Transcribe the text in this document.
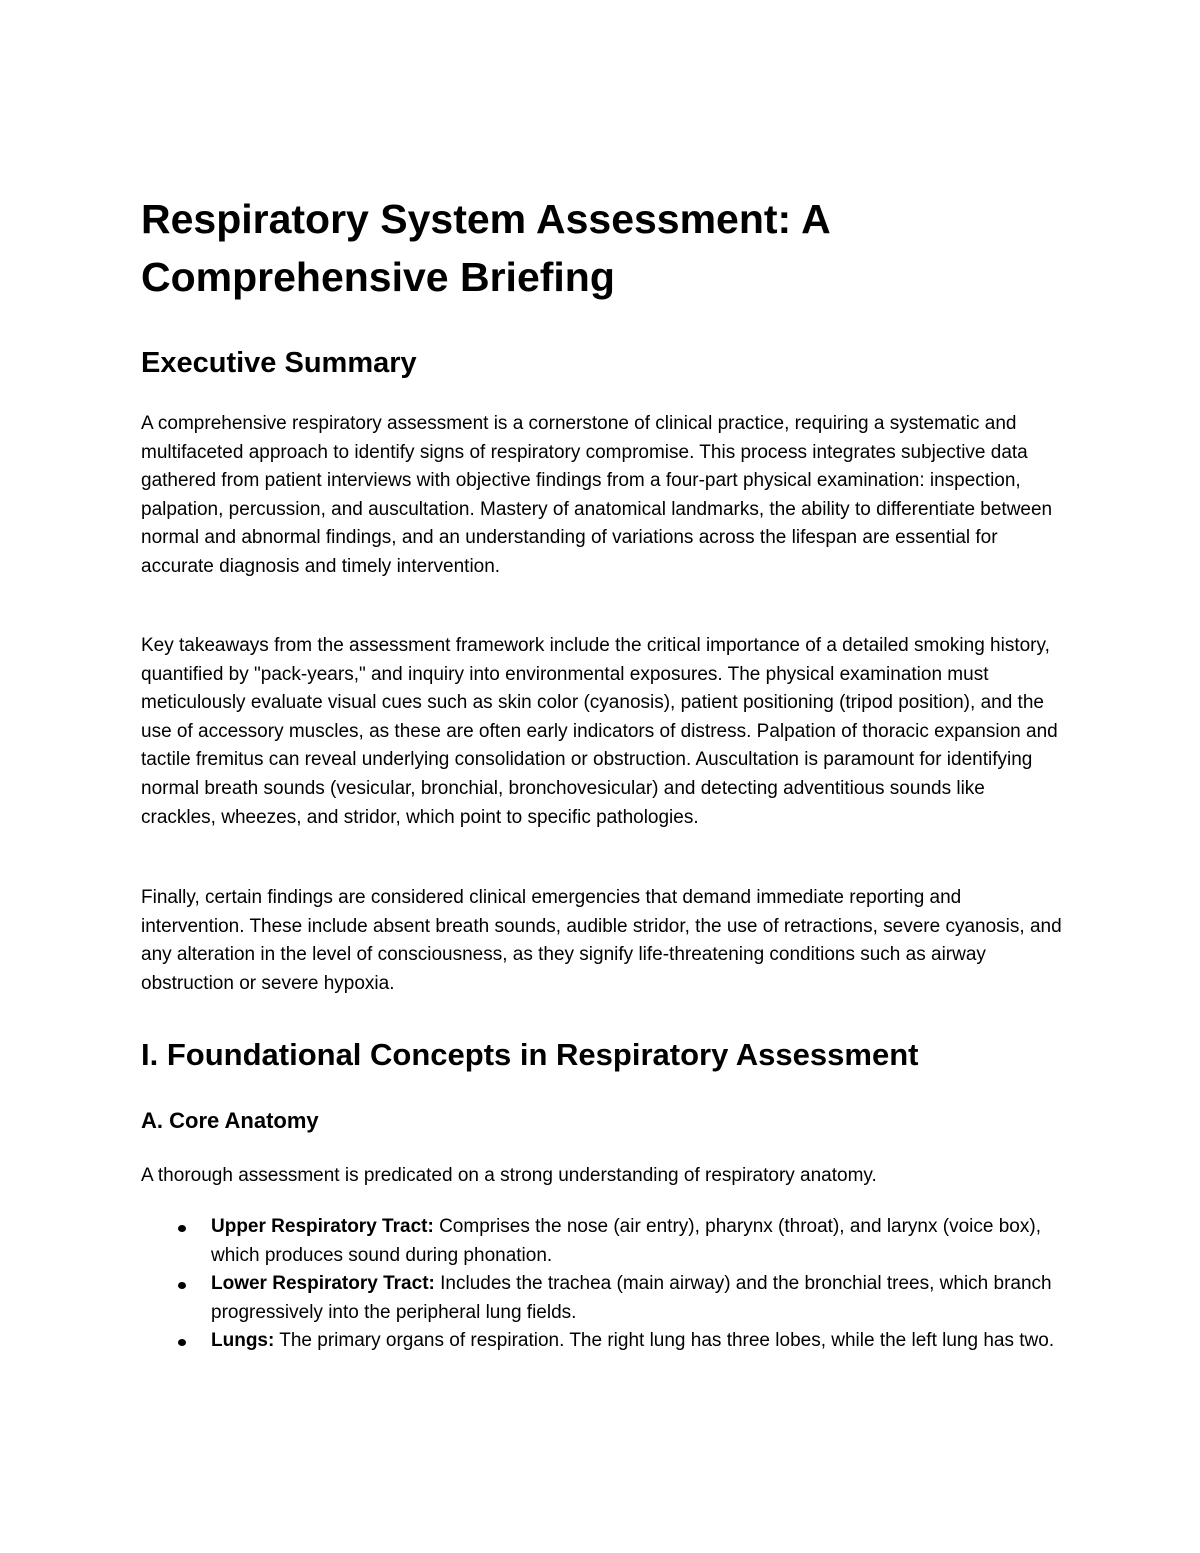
Respiratory System Assessment: A Comprehensive Briefing
Executive Summary

A comprehensive respiratory assessment is a cornerstone of clinical practice, requiring a systematic and multifaceted approach to identify signs of respiratory compromise. This process integrates subjective data gathered from patient interviews with objective findings from a four-part physical examination: inspection, palpation, percussion, and auscultation. Mastery of anatomical landmarks, the ability to differentiate between normal and abnormal findings, and an understanding of variations across the lifespan are essential for accurate diagnosis and timely intervention.

Key takeaways from the assessment framework include the critical importance of a detailed smoking history, quantified by "pack-years," and inquiry into environmental exposures. The physical examination must meticulously evaluate visual cues such as skin color (cyanosis), patient positioning (tripod position), and the use of accessory muscles, as these are often early indicators of distress. Palpation of thoracic expansion and tactile fremitus can reveal underlying consolidation or obstruction. Auscultation is paramount for identifying normal breath sounds (vesicular, bronchial, bronchovesicular) and detecting adventitious sounds like crackles, wheezes, and stridor, which point to specific pathologies.

Finally, certain findings are considered clinical emergencies that demand immediate reporting and intervention. These include absent breath sounds, audible stridor, the use of retractions, severe cyanosis, and any alteration in the level of consciousness, as they signify life-threatening conditions such as airway obstruction or severe hypoxia.

I. Foundational Concepts in Respiratory Assessment
A. Core Anatomy

A thorough assessment is predicated on a strong understanding of respiratory anatomy.

Upper Respiratory Tract: Comprises the nose (air entry), pharynx (throat), and larynx (voice box), which produces sound during phonation.
Lower Respiratory Tract: Includes the trachea (main airway) and the bronchial trees, which branch progressively into the peripheral lung fields.
Lungs: The primary organs of respiration. The right lung has three lobes, while the left lung has two.
